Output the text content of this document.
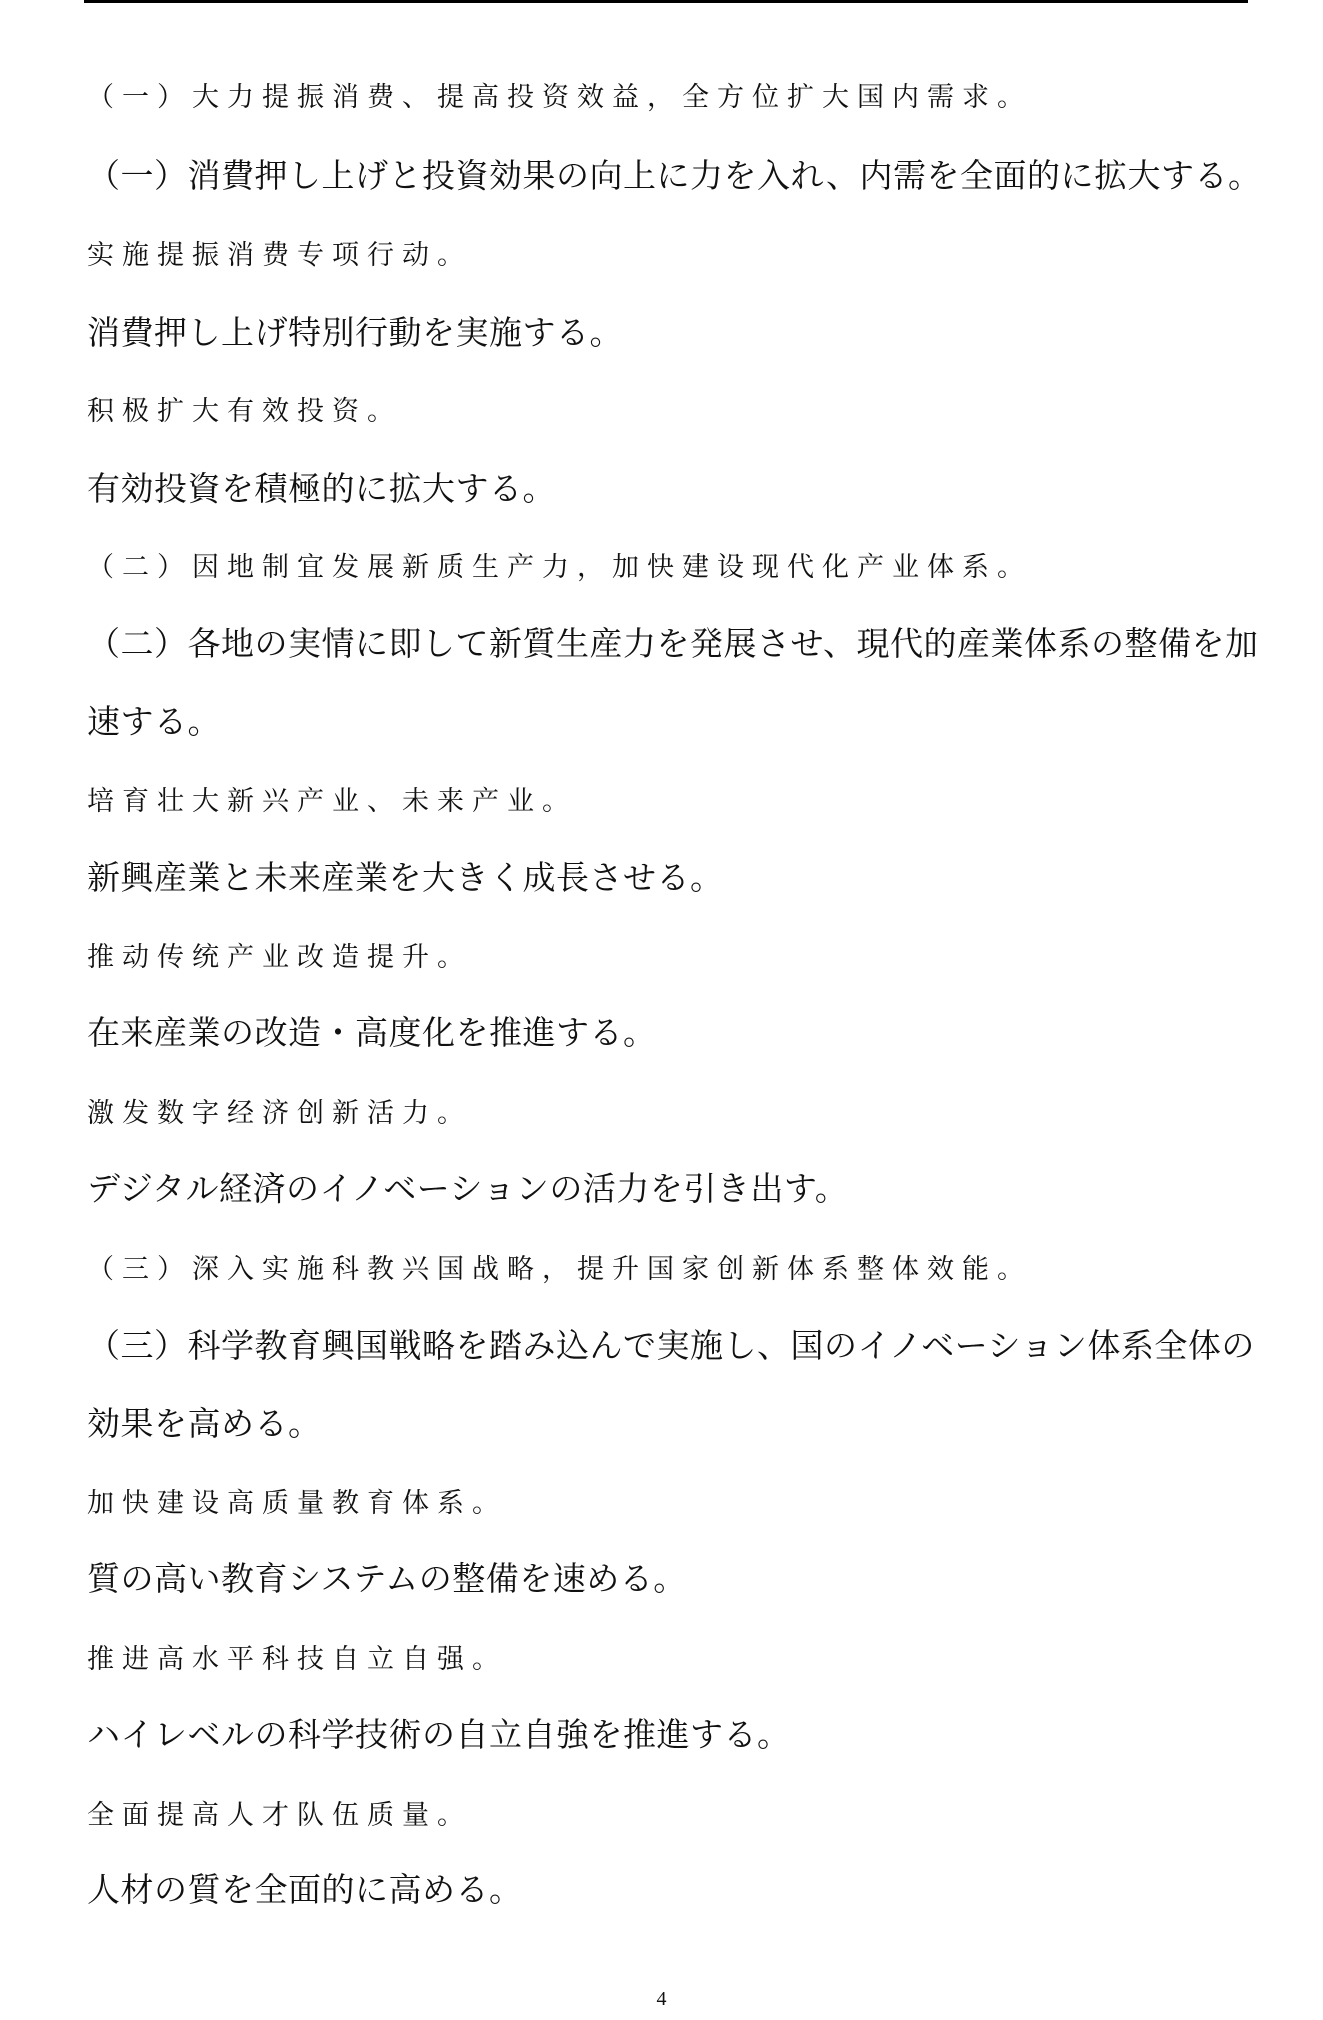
（一）大力提振消费、提高投资效益，全方位扩大国内需求。
（一）消費押し上げと投資効果の向上に力を入れ、内需を全面的に拡大する。
实施提振消费专项行动。
消費押し上げ特別行動を実施する。
积极扩大有效投资。
有効投資を積極的に拡大する。
（二）因地制宜发展新质生产力，加快建设现代化产业体系。
（二）各地の実情に即して新質生産力を発展させ、現代的産業体系の整備を加
速する。
培育壮大新兴产业、未来产业。
新興産業と未来産業を大きく成長させる。
推动传统产业改造提升。
在来産業の改造・高度化を推進する。
激发数字经济创新活力。
デジタル経済のイノベーションの活力を引き出す。
（三）深入实施科教兴国战略，提升国家创新体系整体效能。
（三）科学教育興国戦略を踏み込んで実施し、国のイノベーション体系全体の
効果を高める。
加快建设高质量教育体系。
質の高い教育システムの整備を速める。
推进高水平科技自立自强。
ハイレベルの科学技術の自立自強を推進する。
全面提高人才队伍质量。
人材の質を全面的に高める。
4
